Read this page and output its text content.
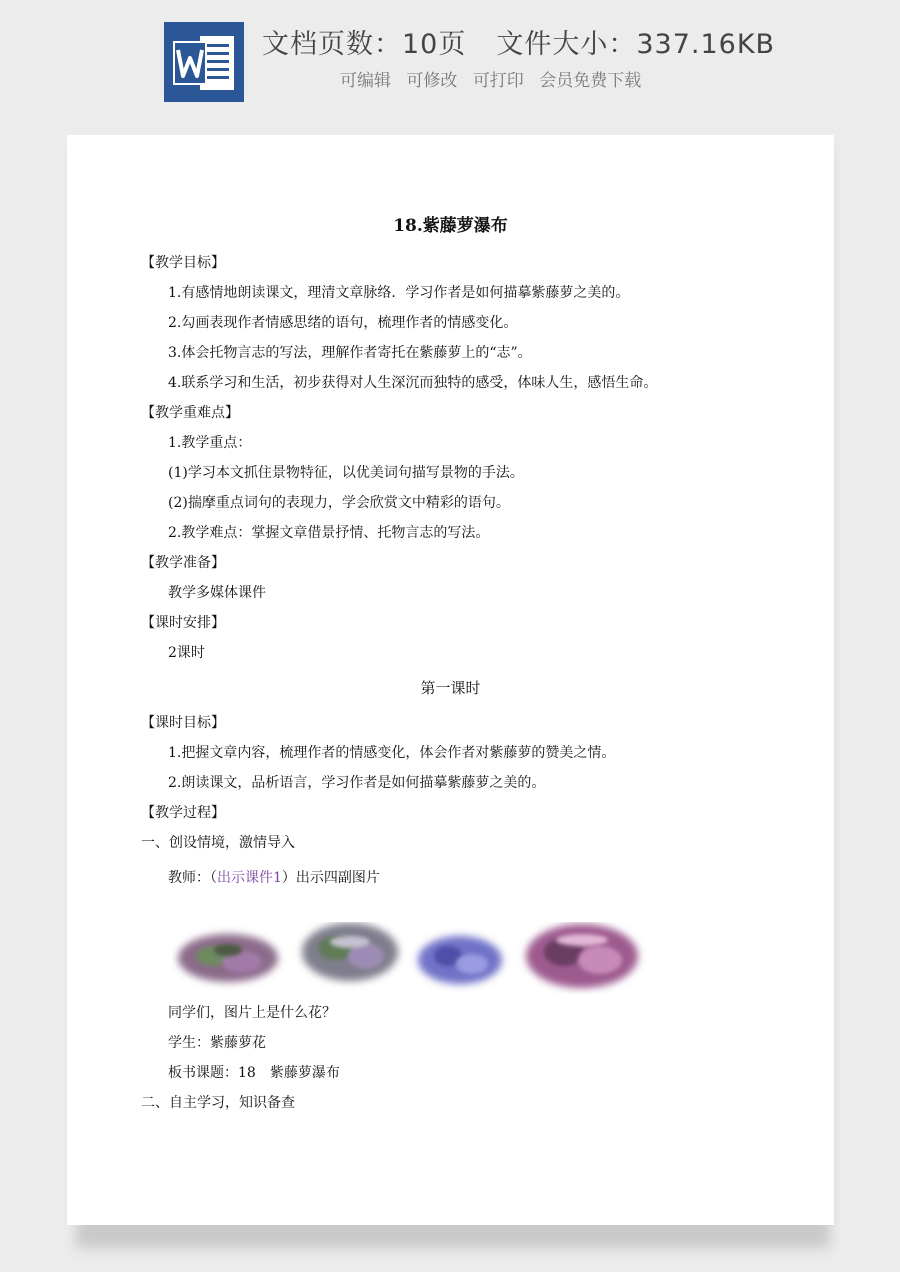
文档页数：10页 文件大小：337.16KB
可编辑 可修改 可打印 会员免费下载
18.紫藤萝瀑布
【教学目标】
1.有感情地朗读课文，理清文章脉络．学习作者是如何描摹紫藤萝之美的。
2.勾画表现作者情感思绪的语句，梳理作者的情感变化。
3.体会托物言志的写法，理解作者寄托在紫藤萝上的“志”。
4.联系学习和生活，初步获得对人生深沉而独特的感受，体味人生，感悟生命。
【教学重难点】
1.教学重点：
(1)学习本文抓住景物特征，以优美词句描写景物的手法。
(2)揣摩重点词句的表现力，学会欣赏文中精彩的语句。
2.教学难点：掌握文章借景抒情、托物言志的写法。
【教学准备】
教学多媒体课件
【课时安排】
2课时
第一课时
【课时目标】
1.把握文章内容，梳理作者的情感变化，体会作者对紫藤萝的赞美之情。
2.朗读课文，品析语言，学习作者是如何描摹紫藤萝之美的。
【教学过程】
一、创设情境，激情导入
教师：（出示课件1）出示四副图片
同学们，图片上是什么花？
学生：紫藤萝花
板书课题：18　紫藤萝瀑布
二、自主学习，知识备查
